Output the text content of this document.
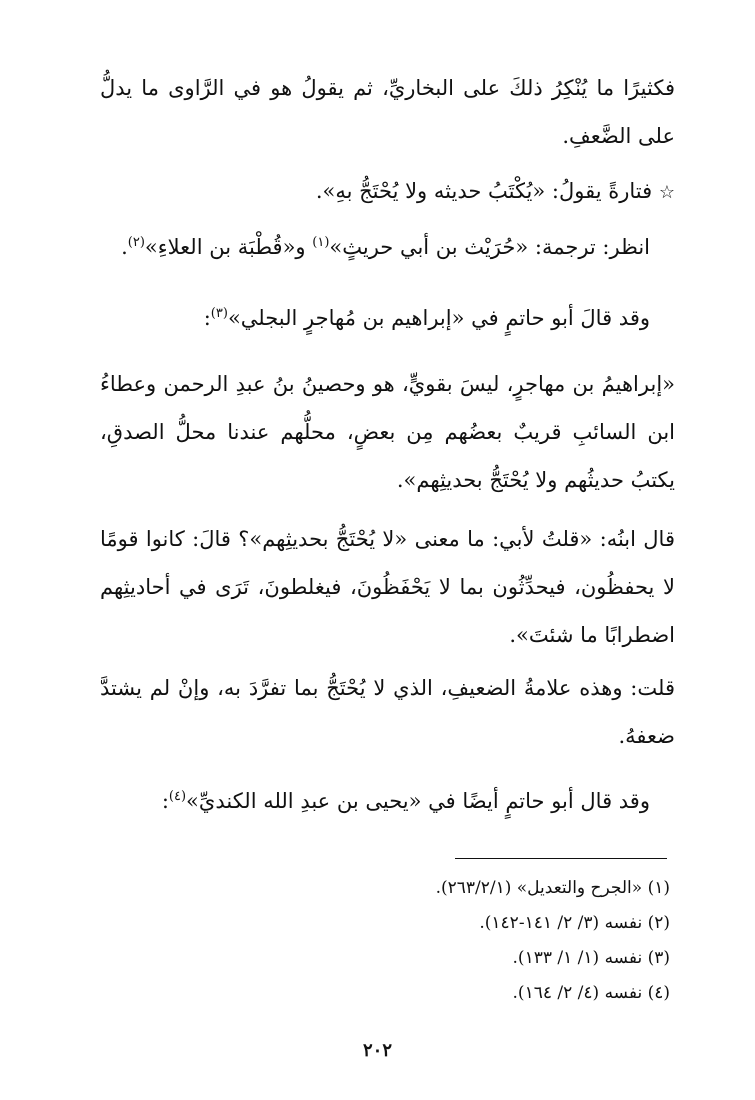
فكثيرًا ما يُنْكِرُ ذلكَ على البخاريِّ، ثم يقولُ هو في الرَّاوى ما يدلُّ على الضَّعفِ.
☆ فتارةً يقولُ: «يُكْتَبُ حديثه ولا يُحْتَجُّ بهِ».
انظر: ترجمة: «حُرَيْث بن أبي حريثٍ»$^{(١)}$ و«قُطْبَة بن العلاءِ»$^{(٢)}$.
وقد قالَ أبو حاتمٍ في «إبراهيم بن مُهاجرٍ البجلي»$^{(٣)}$:
«إبراهيمُ بن مهاجرٍ، ليسَ بقويٍّ، هو وحصينُ بنُ عبدِ الرحمن وعطاءُ ابن السائبِ قريبٌ بعضُهم مِن بعضٍ، محلُّهم عندنا محلُّ الصدقِ، يكتبُ حديثُهم ولا يُحْتَجُّ بحديثِهم».
قال ابنُه: «قلتُ لأبي: ما معنى «لا يُحْتَجُّ بحديثِهم»؟ قالَ: كانوا قومًا لا يحفظُون، فيحدِّثُون بما لا يَحْفَظُونَ، فيغلطونَ، تَرَى في أحاديثِهم اضطرابًا ما شئتَ».
قلت: وهذه علامةُ الضعيفِ، الذي لا يُحْتَجُّ بما تفرَّدَ به، وإنْ لم يشتدَّ ضعفهُ.
وقد قال أبو حاتمٍ أيضًا في «يحيى بن عبدِ الله الكنديِّ»$^{(٤)}$:
(١) «الجرح والتعديل» (٢٦٣/٢/١).
(٢) نفسه (٣/ ٢/ ١٤١-١٤٢).
(٣) نفسه (١/ ١/ ١٣٣).
(٤) نفسه (٤/ ٢/ ١٦٤).
٢٠٢
